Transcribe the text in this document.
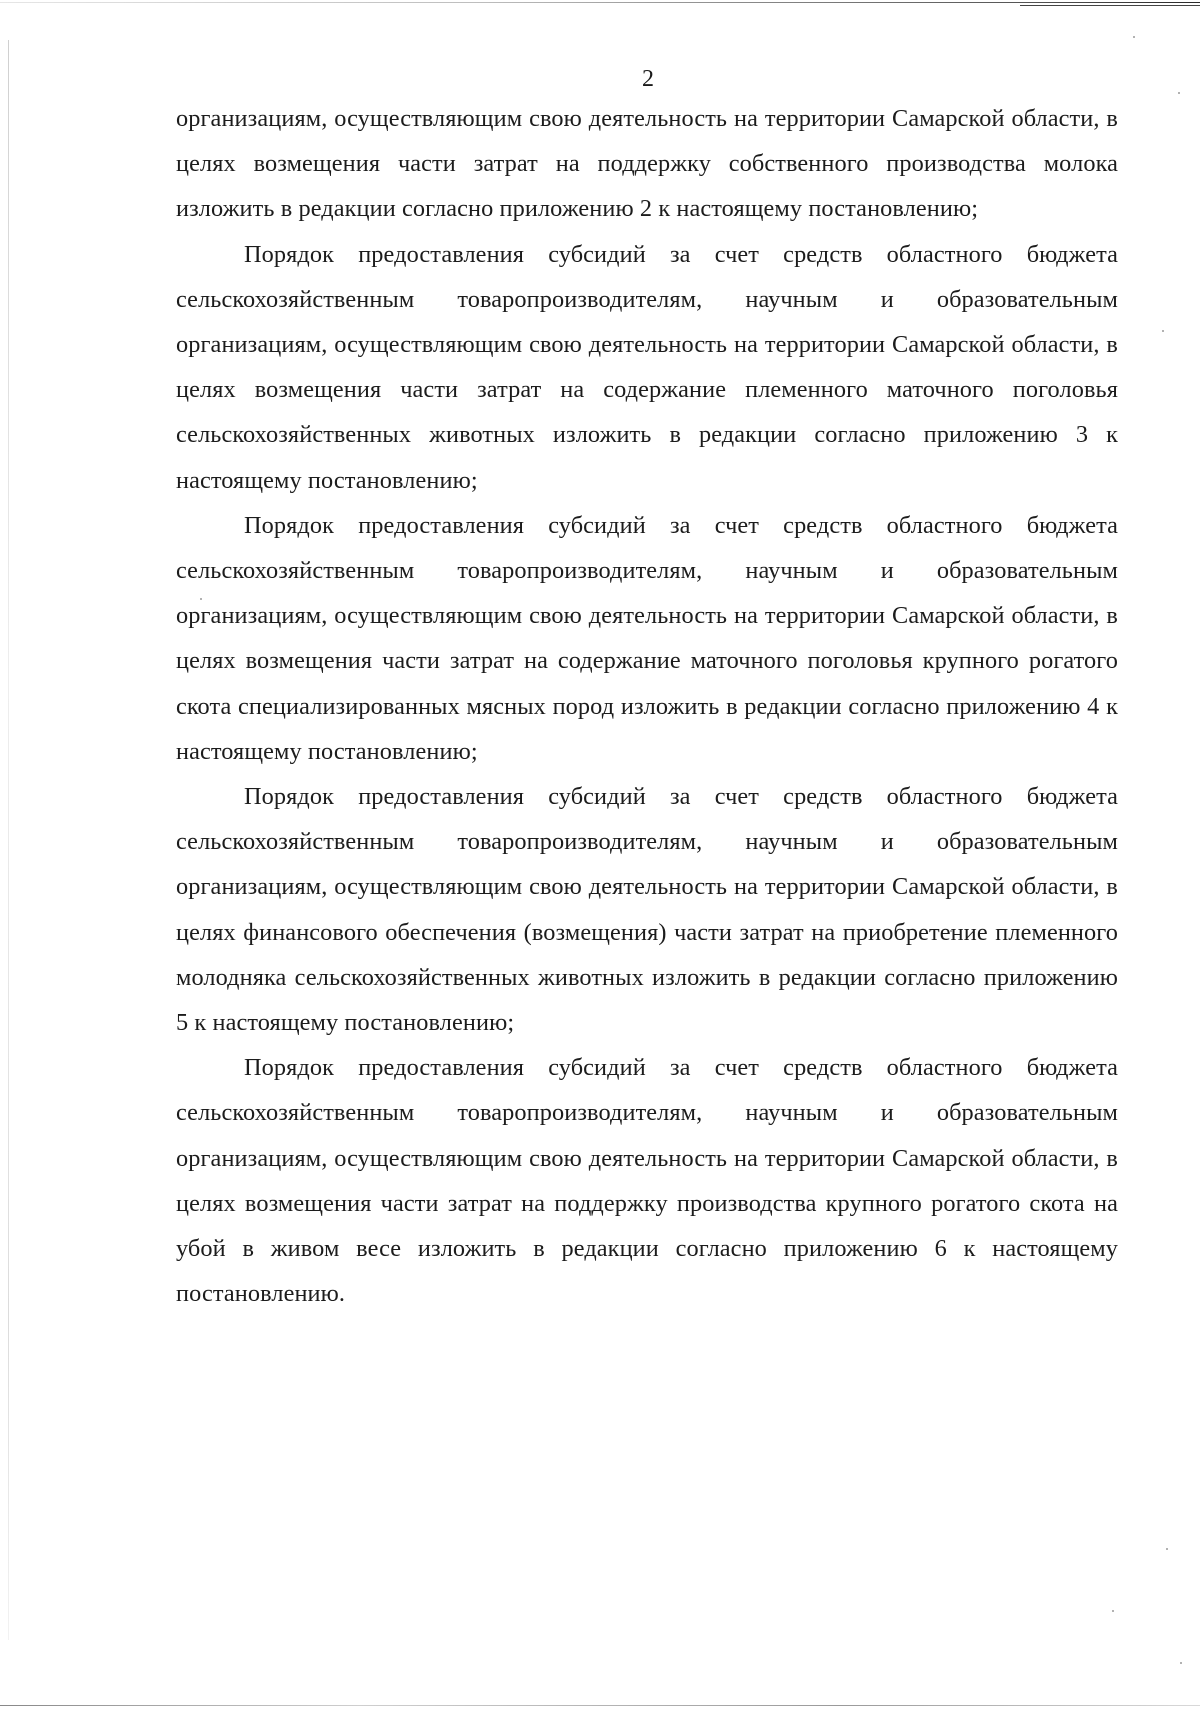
2

организациям, осуществляющим свою деятельность на территории Самарской области, в целях возмещения части затрат на поддержку собственного производства молока изложить в редакции согласно приложению 2 к настоящему постановлению;

Порядок предоставления субсидий за счет средств областного бюджета сельскохозяйственным товаропроизводителям, научным и образовательным организациям, осуществляющим свою деятельность на территории Самарской области, в целях возмещения части затрат на содержание племенного маточного поголовья сельскохозяйственных животных изложить в редакции согласно приложению 3 к настоящему постановлению;

Порядок предоставления субсидий за счет средств областного бюджета сельскохозяйственным товаропроизводителям, научным и образовательным организациям, осуществляющим свою деятельность на территории Самарской области, в целях возмещения части затрат на содержание маточного поголовья крупного рогатого скота специализированных мясных пород изложить в редакции согласно приложению 4 к настоящему постановлению;

Порядок предоставления субсидий за счет средств областного бюджета сельскохозяйственным товаропроизводителям, научным и образовательным организациям, осуществляющим свою деятельность на территории Самарской области, в целях финансового обеспечения (возмещения) части затрат на приобретение племенного молодняка сельскохозяйственных животных изложить в редакции согласно приложению 5 к настоящему постановлению;

Порядок предоставления субсидий за счет средств областного бюджета сельскохозяйственным товаропроизводителям, научным и образовательным организациям, осуществляющим свою деятельность на территории Самарской области, в целях возмещения части затрат на поддержку производства крупного рогатого скота на убой в живом весе изложить в редакции согласно приложению 6 к настоящему постановлению.
